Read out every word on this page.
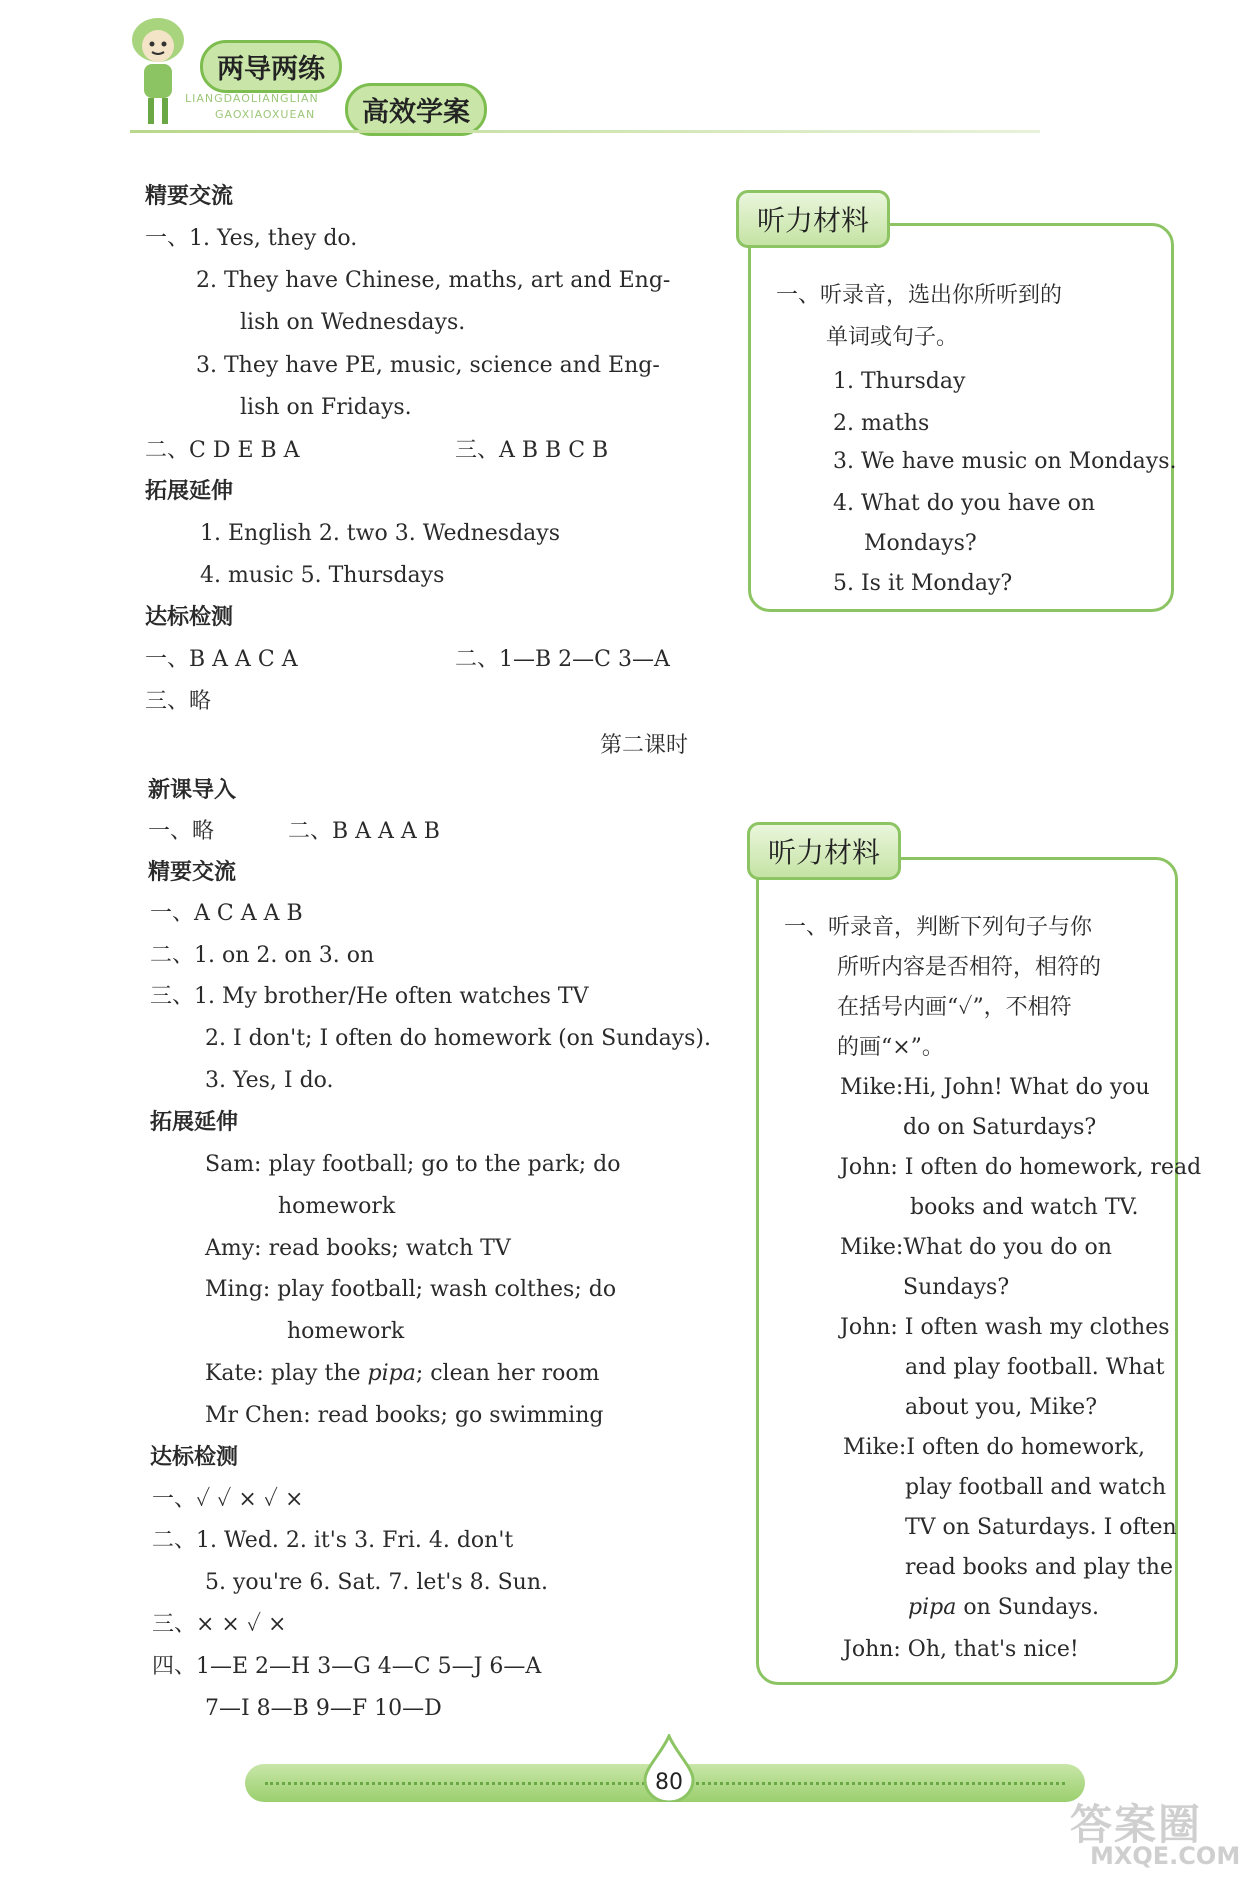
两导两练
高效学案
LIANGDAOLIANGLIAN
GAOXIAOXUEAN
精要交流
一、1. Yes, they do.
2. They have Chinese, maths, art and Eng-
lish on Wednesdays.
3. They have PE, music, science and Eng-
lish on Fridays.
二、C D E B A	三、A B B C B
拓展延伸
1. English 2. two 3. Wednesdays
4. music 5. Thursdays
达标检测
一、B A A C A	二、1—B 2—C 3—A
三、略
第二课时
新课导入
一、略	二、B A A A B
精要交流
一、A C A A B
二、1. on 2. on 3. on
三、1. My brother/He often watches TV
2. I don't; I often do homework (on Sundays).
3. Yes, I do.
拓展延伸
Sam: play football; go to the park; do
homework
Amy: read books; watch TV
Ming: play football; wash colthes; do
homework
Kate: play the pipa; clean her room
Mr Chen: read books; go swimming
达标检测
一、✓ ✓ × ✓ ×
二、1. Wed. 2. it's 3. Fri. 4. don't
5. you're 6. Sat. 7. let's 8. Sun.
三、× × ✓ ×
四、1—E 2—H 3—G 4—C 5—J 6—A
7—I 8—B 9—F 10—D
听力材料
一、听录音，选出你所听到的
单词或句子。
1. Thursday
2. maths
3. We have music on Mondays.
4. What do you have on
Mondays?
5. Is it Monday?
听力材料
一、听录音，判断下列句子与你
所听内容是否相符，相符的
在括号内画“✓”，不相符
的画“×”。
Mike:Hi, John! What do you
do on Saturdays?
John: I often do homework, read
books and watch TV.
Mike:What do you do on
Sundays?
John: I often wash my clothes
and play football. What
about you, Mike?
Mike:I often do homework,
play football and watch
TV on Saturdays. I often
read books and play the
pipa on Sundays.
John: Oh, that's nice!
80
答案圈
MXQE.COM
